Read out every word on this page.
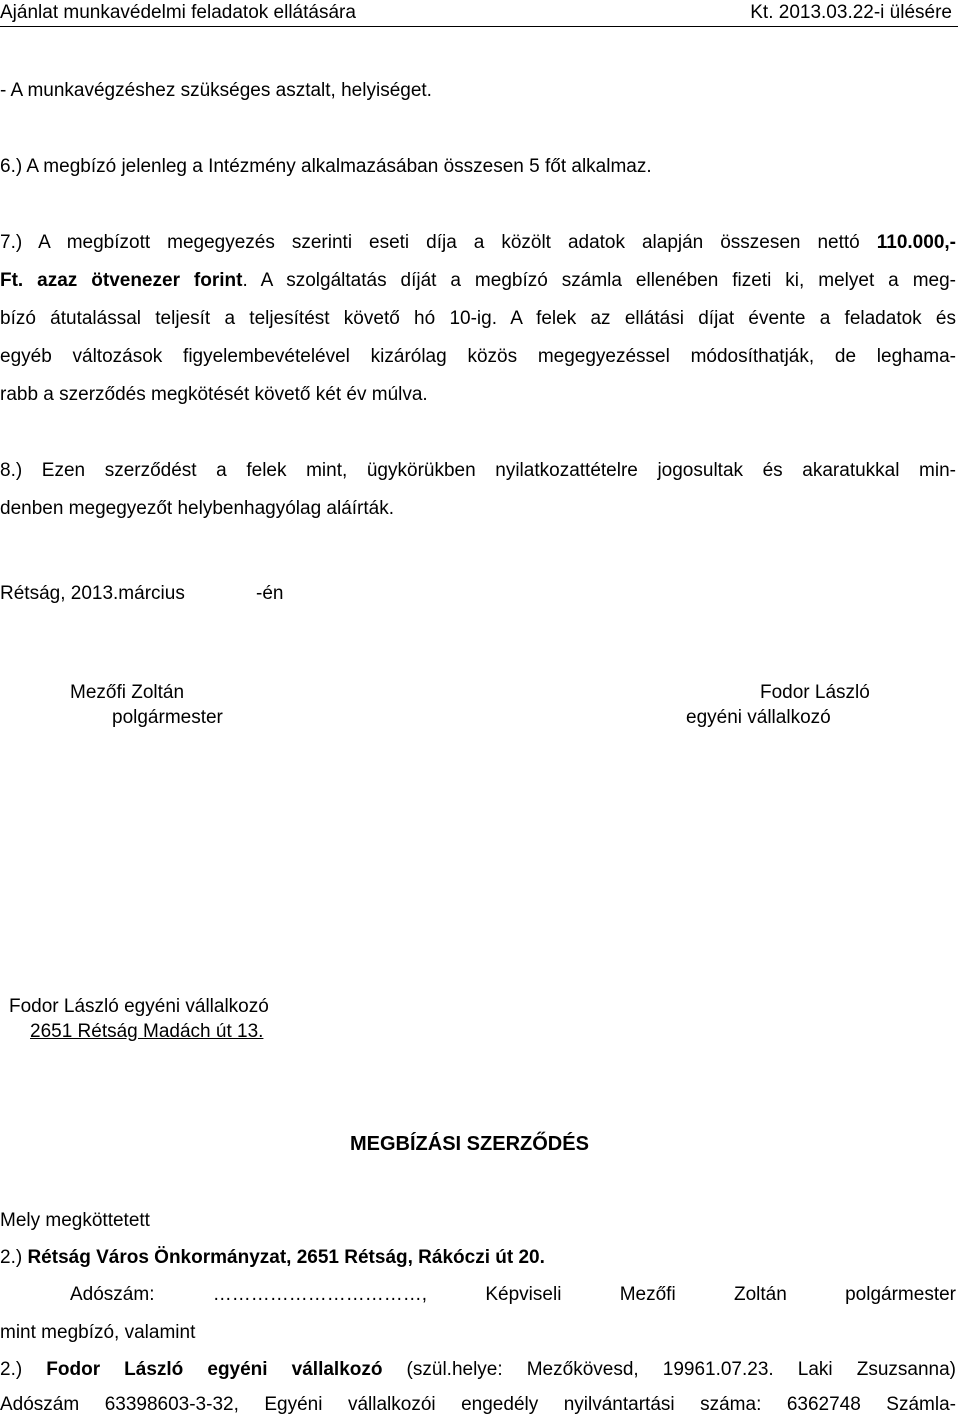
Ajánlat munkavédelmi feladatok ellátására	Kt. 2013.03.22-i ülésére
- A munkavégzéshez szükséges asztalt, helyiséget.
6.) A megbízó jelenleg a Intézmény alkalmazásában összesen 5 főt alkalmaz.
7.) A megbízott megegyezés szerinti eseti díja a közölt adatok alapján összesen nettó 110.000,-
Ft. azaz ötvenezer forint. A szolgáltatás díját a megbízó számla ellenében fizeti ki, melyet a meg-
bízó átutalással teljesít a teljesítést követő hó 10-ig. A felek az ellátási díjat évente a feladatok és
egyéb változások figyelembevételével kizárólag közös megegyezéssel módosíthatják, de leghama-
rabb a szerződés megkötését követő két év múlva.
8.) Ezen szerződést a felek mint, ügykörükben nyilatkozattételre jogosultak és akaratukkal min-
denben megegyezőt helybenhagyólag aláírták.
Rétság, 2013.március	-én
Mezőfi Zoltán
polgármester
Fodor László
egyéni vállalkozó
Fodor László egyéni vállalkozó
2651 Rétság Madách út 13.
MEGBÍZÁSI SZERZŐDÉS
Mely megköttetett
2.) Rétság Város Önkormányzat, 2651 Rétság, Rákóczi út 20.
Adószám: ……………………………, Képviseli Mezőfi Zoltán polgármester
mint megbízó, valamint
2.) Fodor László egyéni vállalkozó (szül.helye: Mezőkövesd, 19961.07.23. Laki Zsuzsanna)
Adószám 63398603-3-32, Egyéni vállalkozói engedély nyilvántartási száma: 6362748 Számla-
